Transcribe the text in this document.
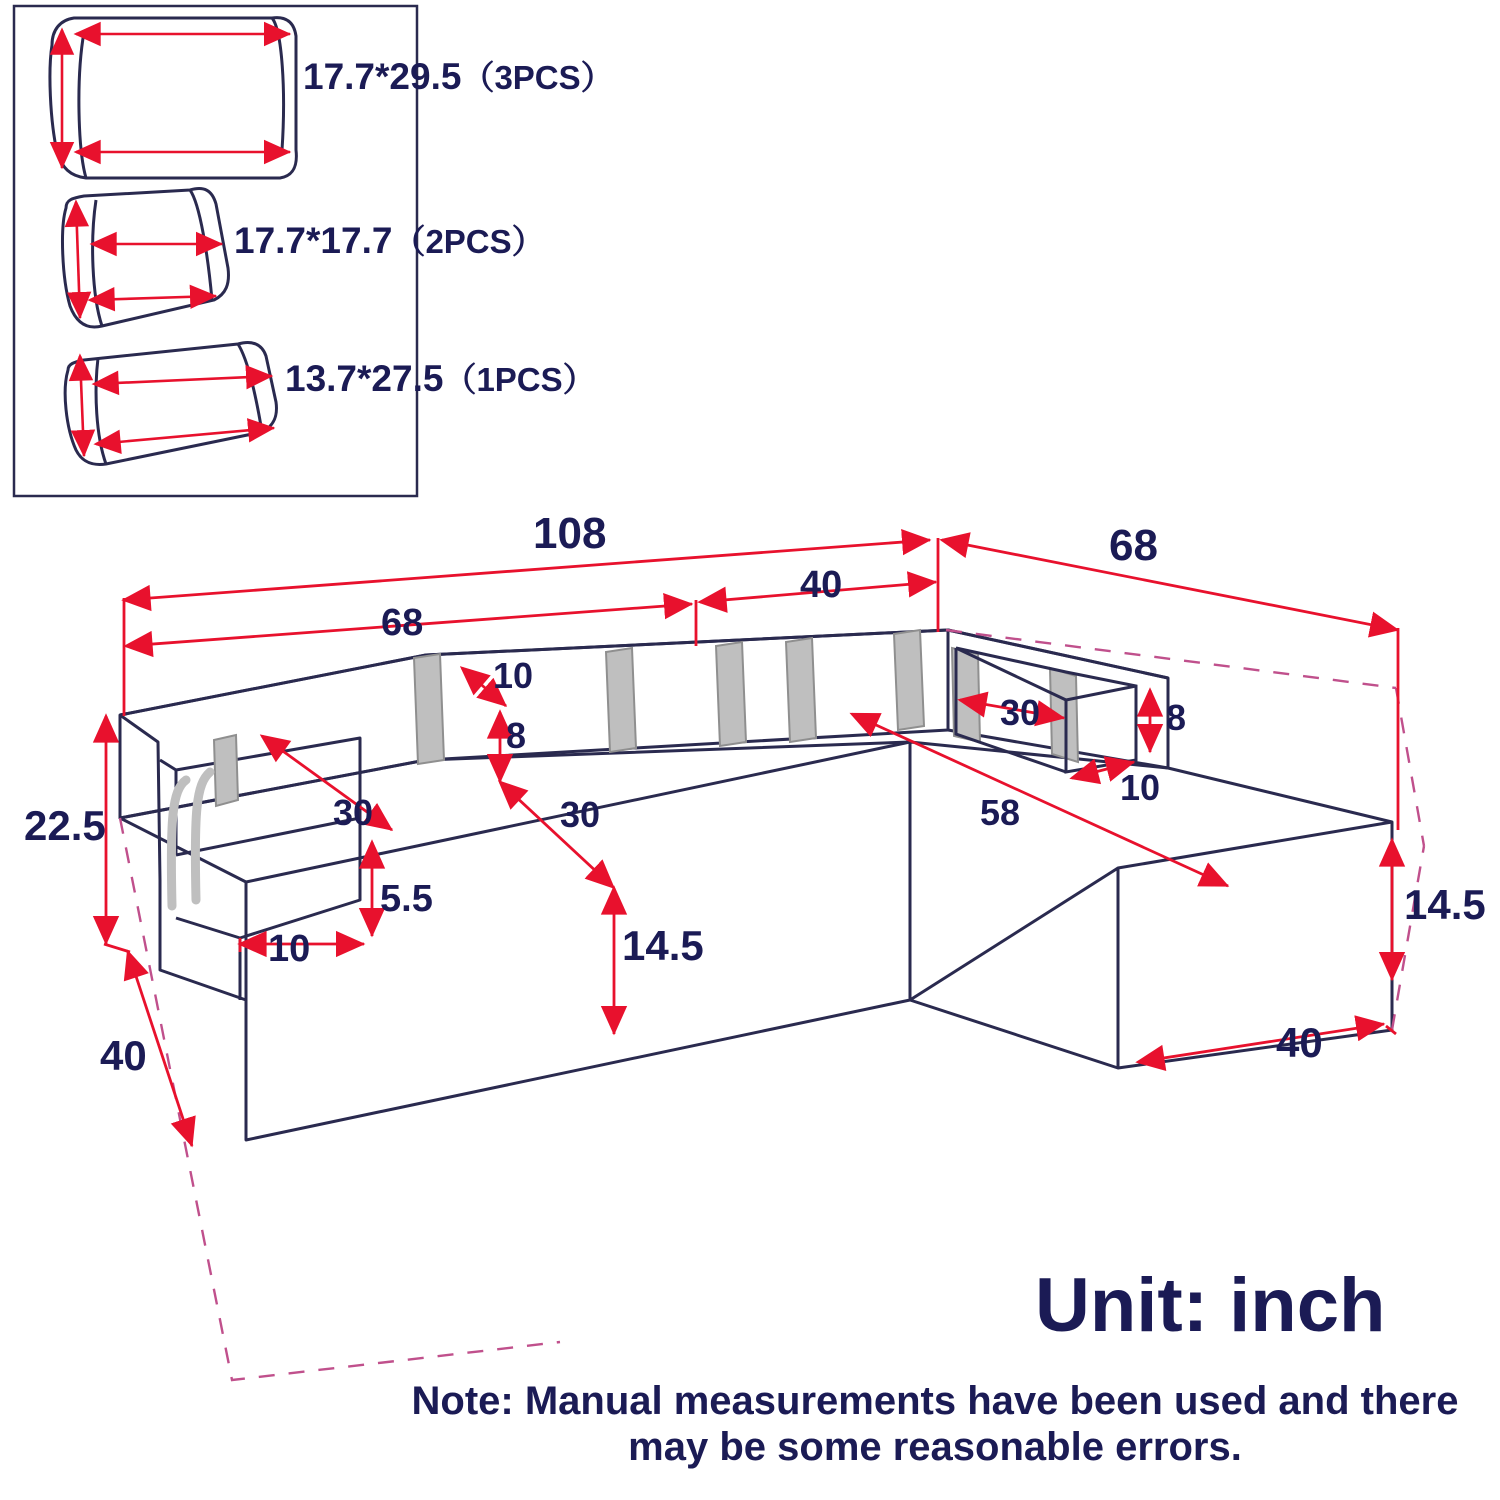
17.7*29.5（3PCS）
17.7*17.7（2PCS）
13.7*27.5（1PCS）
108	68
68
40
10
8
30	30
30	8
10
58
22.5
5.5
10	14.5
14.5
40	40
Unit: inch
Note: Manual measurements have been used and there may be some reasonable errors.
